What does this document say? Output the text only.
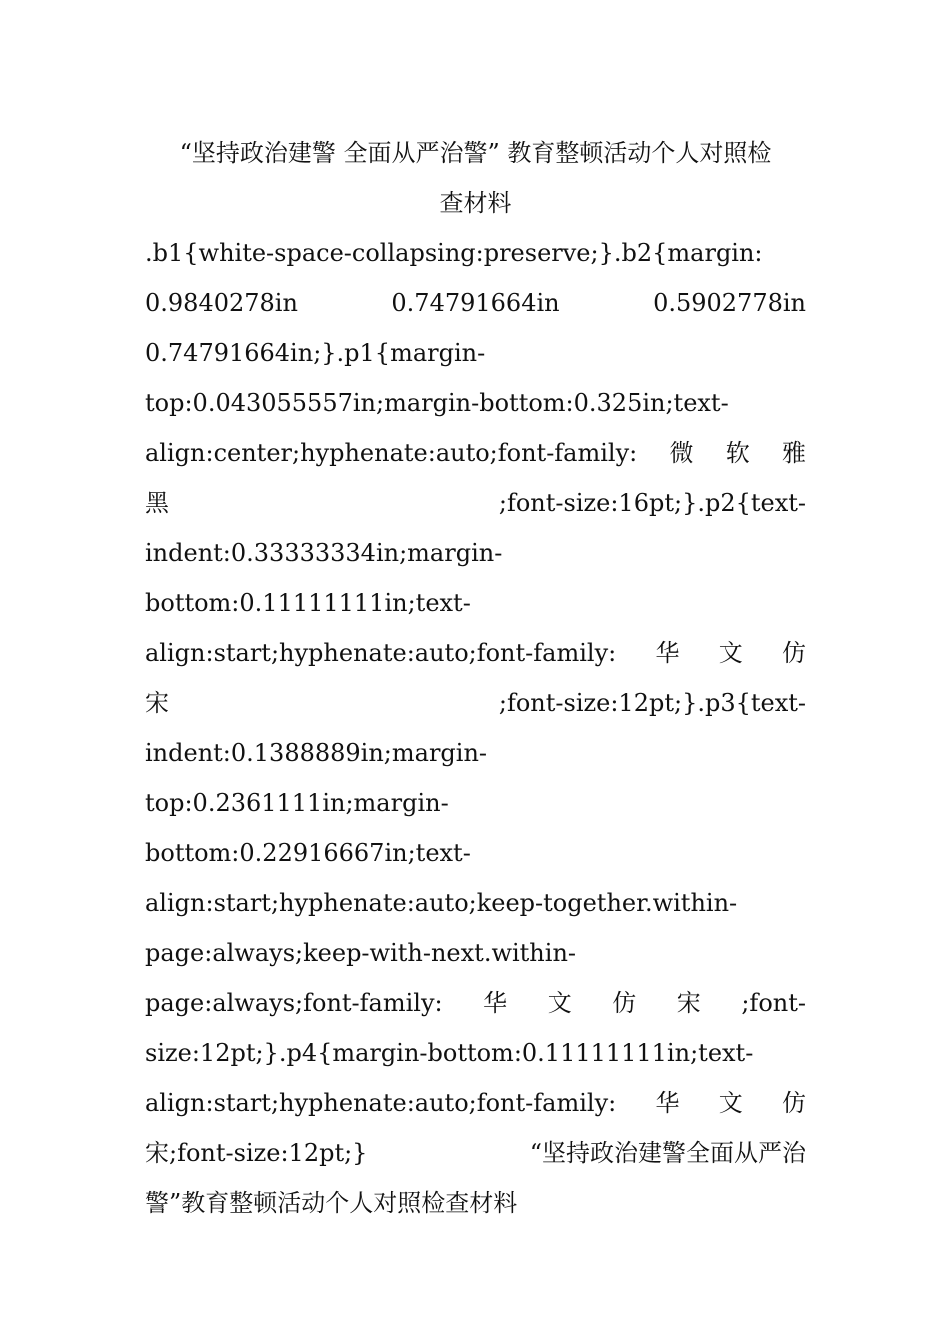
“坚持政治建警 全面从严治警” 教育整顿活动个人对照检
查材料
.b1{white-space-collapsing:preserve;}.b2{margin:
0.9840278in	0.74791664in	0.5902778in
0.74791664in;}.p1{margin-
top:0.043055557in;margin-bottom:0.325in;text-
align:center;hyphenate:auto;font-family: 微 软 雅
黑	;font-size:16pt;}.p2{text-
indent:0.33333334in;margin-
bottom:0.11111111in;text-
align:start;hyphenate:auto;font-family: 华 文 仿
宋	;font-size:12pt;}.p3{text-
indent:0.1388889in;margin-
top:0.2361111in;margin-
bottom:0.22916667in;text-
align:start;hyphenate:auto;keep-together.within-
page:always;keep-with-next.within-
page:always;font-family: 华 文 仿 宋 ;font-
size:12pt;}.p4{margin-bottom:0.11111111in;text-
align:start;hyphenate:auto;font-family: 华 文 仿
宋;font-size:12pt;}	“坚持政治建警全面从严治
警”教育整顿活动个人对照检查材料
